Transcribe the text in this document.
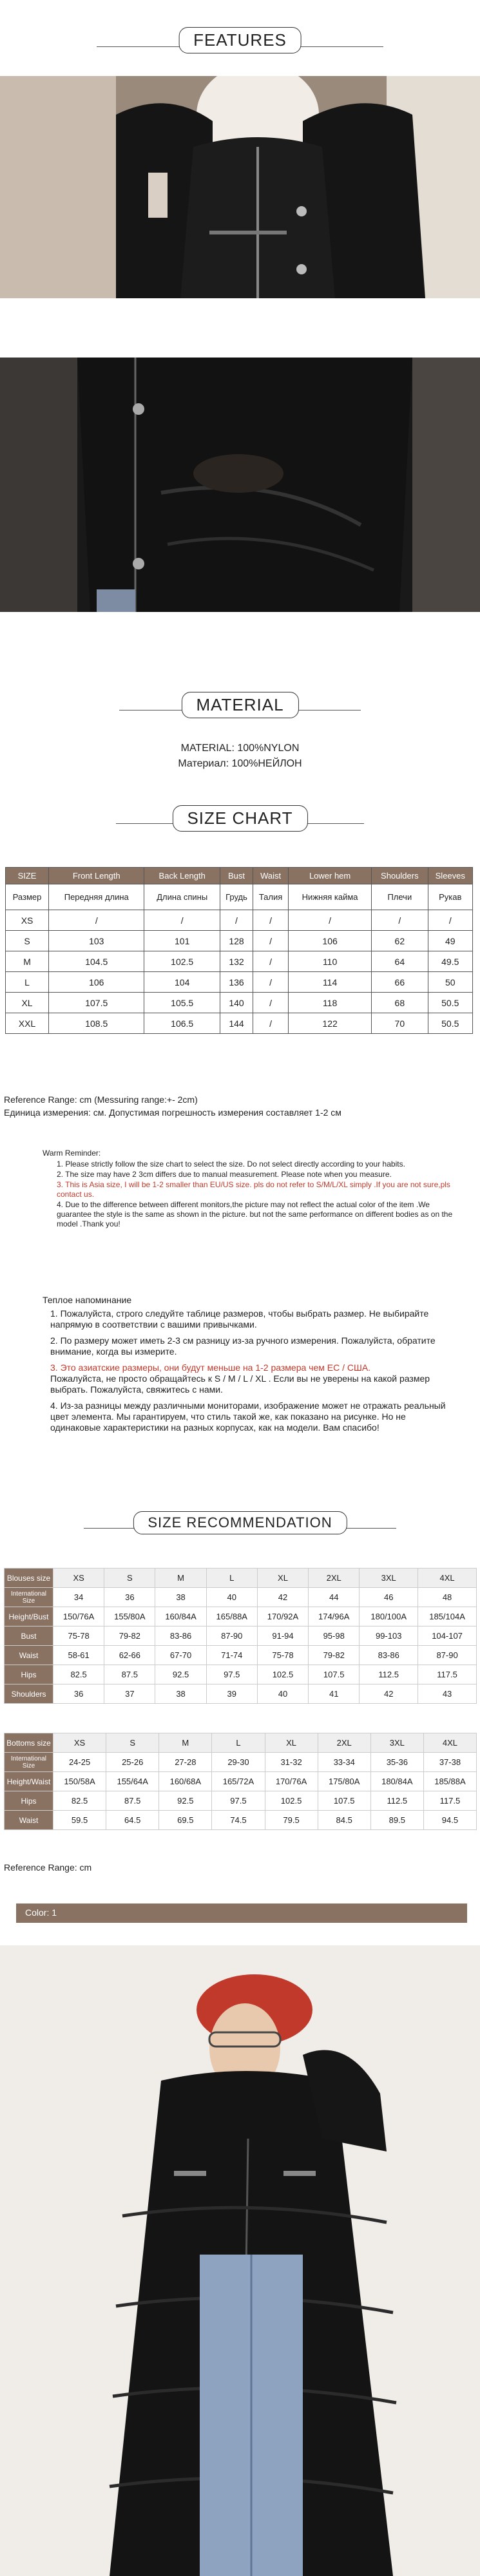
FEATURES
MATERIAL
MATERIAL: 100%NYLON
Материал: 100%НЕЙЛОН
SIZE CHART
SIZE	Front Length	Back Length	Bust	Waist	Lower hem	Shoulders	Sleeves
Размер	Передняя длина	Длина спины	Грудь	Талия	Нижняя кайма	Плечи	Рукав
XS	/	/	/	/	/	/	/
S	103	101	128	/	106	62	49
M	104.5	102.5	132	/	110	64	49.5
L	106	104	136	/	114	66	50
XL	107.5	105.5	140	/	118	68	50.5
XXL	108.5	106.5	144	/	122	70	50.5
Reference Range: cm (Messuring range:+- 2cm)
Единица измерения: см. Допустимая погрешность измерения составляет 1-2 см
Warm Reminder:
1. Please strictly follow the size chart to select the size. Do not select directly according to your habits.
2. The size may have 2 3cm differs due to manual measurement. Please note when you measure.
3. This is Asia size, I will be 1-2 smaller than EU/US size. pls do not refer to S/M/L/XL simply .If you are not sure,pls contact us.
4. Due to the difference between different monitors,the picture may not reflect the actual color of the item .We guarantee the style is the same as shown in the picture. but not the same performance on different bodies as on the model .Thank you!
Теплое напоминание
1. Пожалуйста, строго следуйте таблице размеров, чтобы выбрать размер. Не выбирайте напрямую в соответствии с вашими привычками.
2. По размеру может иметь 2-3 см разницу из-за ручного измерения. Пожалуйста, обратите внимание, когда вы измерите.
3. Это азиатские размеры, они будут меньше на 1-2 размера чем ЕС / США.
Пожалуйста, не просто обращайтесь к S / M / L / XL . Если вы не уверены на какой размер выбрать. Пожалуйста, свяжитесь с нами.
4. Из-за разницы между различными мониторами, изображение может не отражать реальный цвет элемента. Мы гарантируем, что стиль такой же, как показано на рисунке. Но не одинаковые характеристики на разных корпусах, как на модели. Вам спасибо!
SIZE RECOMMENDATION
Blouses size	XS	S	M	L	XL	2XL	3XL	4XL
International Size	34	36	38	40	42	44	46	48
Height/Bust	150/76A	155/80A	160/84A	165/88A	170/92A	174/96A	180/100A	185/104A
Bust	75-78	79-82	83-86	87-90	91-94	95-98	99-103	104-107
Waist	58-61	62-66	67-70	71-74	75-78	79-82	83-86	87-90
Hips	82.5	87.5	92.5	97.5	102.5	107.5	112.5	117.5
Shoulders	36	37	38	39	40	41	42	43
Bottoms size	XS	S	M	L	XL	2XL	3XL	4XL
International Size	24-25	25-26	27-28	29-30	31-32	33-34	35-36	37-38
Height/Waist	150/58A	155/64A	160/68A	165/72A	170/76A	175/80A	180/84A	185/88A
Hips	82.5	87.5	92.5	97.5	102.5	107.5	112.5	117.5
Waist	59.5	64.5	69.5	74.5	79.5	84.5	89.5	94.5
Reference Range: cm
Color: 1
